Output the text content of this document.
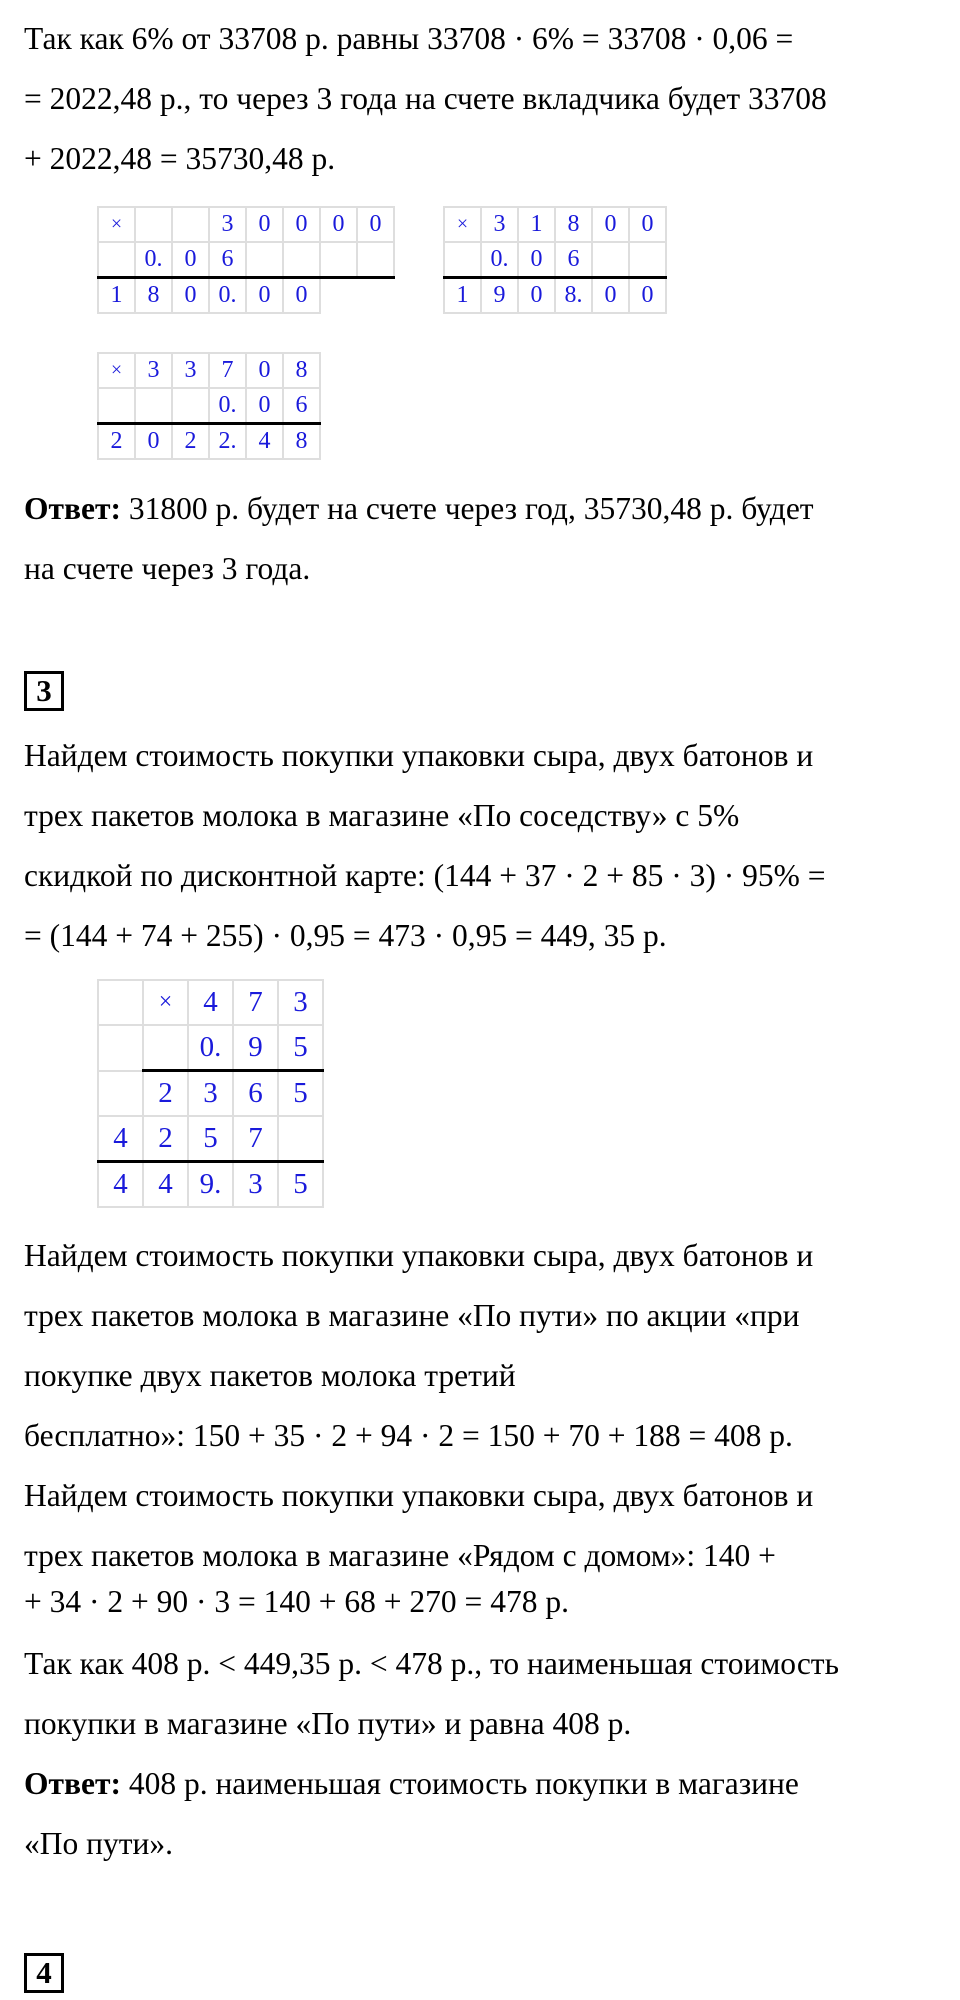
Так как 6% от 33708 р. равны 33708 · 6% = 33708 · 0,06 =
= 2022,48 р., то через 3 года на счете вкладчика будет 33708
+ 2022,48 = 35730,48 р.
×			3	0	0	0	0
	0.	0	6				
1	8	0	0.	0	0		
×	3	1	8	0	0
	0.	0	6		
1	9	0	8.	0	0
×	3	3	7	0	8
			0.	0	6
2	0	2	2.	4	8
Ответ: 31800 р. будет на счете через год, 35730,48 р. будет
на счете через 3 года.
3
Найдем стоимость покупки упаковки сыра, двух батонов и
трех пакетов молока в магазине «По соседству» с 5%
скидкой по дисконтной карте: (144 + 37 · 2 + 85 · 3) · 95% =
= (144 + 74 + 255) · 0,95 = 473 · 0,95 = 449, 35 р.
	×	4	7	3
		0.	9	5
	2	3	6	5
4	2	5	7	
4	4	9.	3	5
Найдем стоимость покупки упаковки сыра, двух батонов и
трех пакетов молока в магазине «По пути» по акции «при
покупке двух пакетов молока третий
бесплатно»: 150 + 35 · 2 + 94 · 2 = 150 + 70 + 188 = 408 р.
Найдем стоимость покупки упаковки сыра, двух батонов и
трех пакетов молока в магазине «Рядом с домом»: 140 +
+ 34 · 2 + 90 · 3 = 140 + 68 + 270 = 478 р.
Так как 408 р. < 449,35 р. < 478 р., то наименьшая стоимость
покупки в магазине «По пути» и равна 408 р.
Ответ: 408 р. наименьшая стоимость покупки в магазине
«По пути».
4
